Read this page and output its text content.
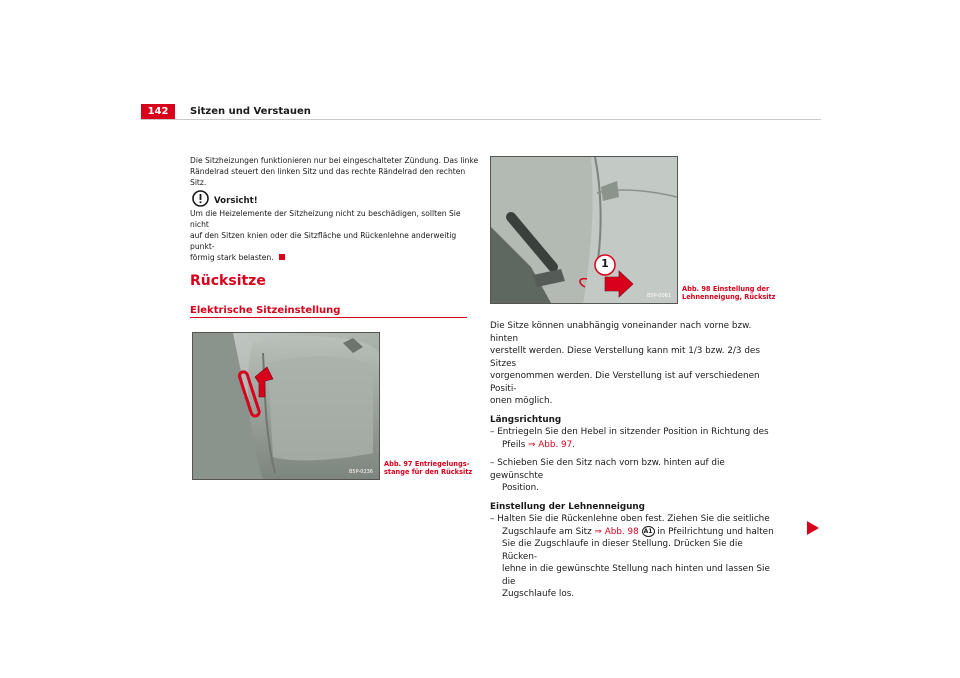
142	Sitzen und Verstauen
Die Sitzheizungen funktionieren nur bei eingeschalteter Zündung. Das linke
Rändelrad steuert den linken Sitz und das rechte Rändelrad den rechten Sitz.
Vorsicht!
Um die Heizelemente der Sitzheizung nicht zu beschädigen, sollten Sie nicht
auf den Sitzen knien oder die Sitzfläche und Rückenlehne anderweitig punkt-
förmig stark belasten.
Rücksitze
Elektrische Sitzeinstellung
B5P-0236
Abb. 97 Entriegelungs-
stange für den Rücksitz
1
B5P-0061
Abb. 98 Einstellung der
Lehnenneigung, Rücksitz
Die Sitze können unabhängig voneinander nach vorne bzw. hinten
verstellt werden. Diese Verstellung kann mit 1/3 bzw. 2/3 des Sitzes
vorgenommen werden. Die Verstellung ist auf verschiedenen Positi-
onen möglich.
Längsrichtung
– Entriegeln Sie den Hebel in sitzender Position in Richtung des
Pfeils ⇒ Abb. 97.
– Schieben Sie den Sitz nach vorn bzw. hinten auf die gewünschte
Position.
Einstellung der Lehnenneigung
– Halten Sie die Rückenlehne oben fest. Ziehen Sie die seitliche
Zugschlaufe am Sitz ⇒ Abb. 98 A1 in Pfeilrichtung und halten
Sie die Zugschlaufe in dieser Stellung. Drücken Sie die Rücken-
lehne in die gewünschte Stellung nach hinten und lassen Sie die
Zugschlaufe los.
